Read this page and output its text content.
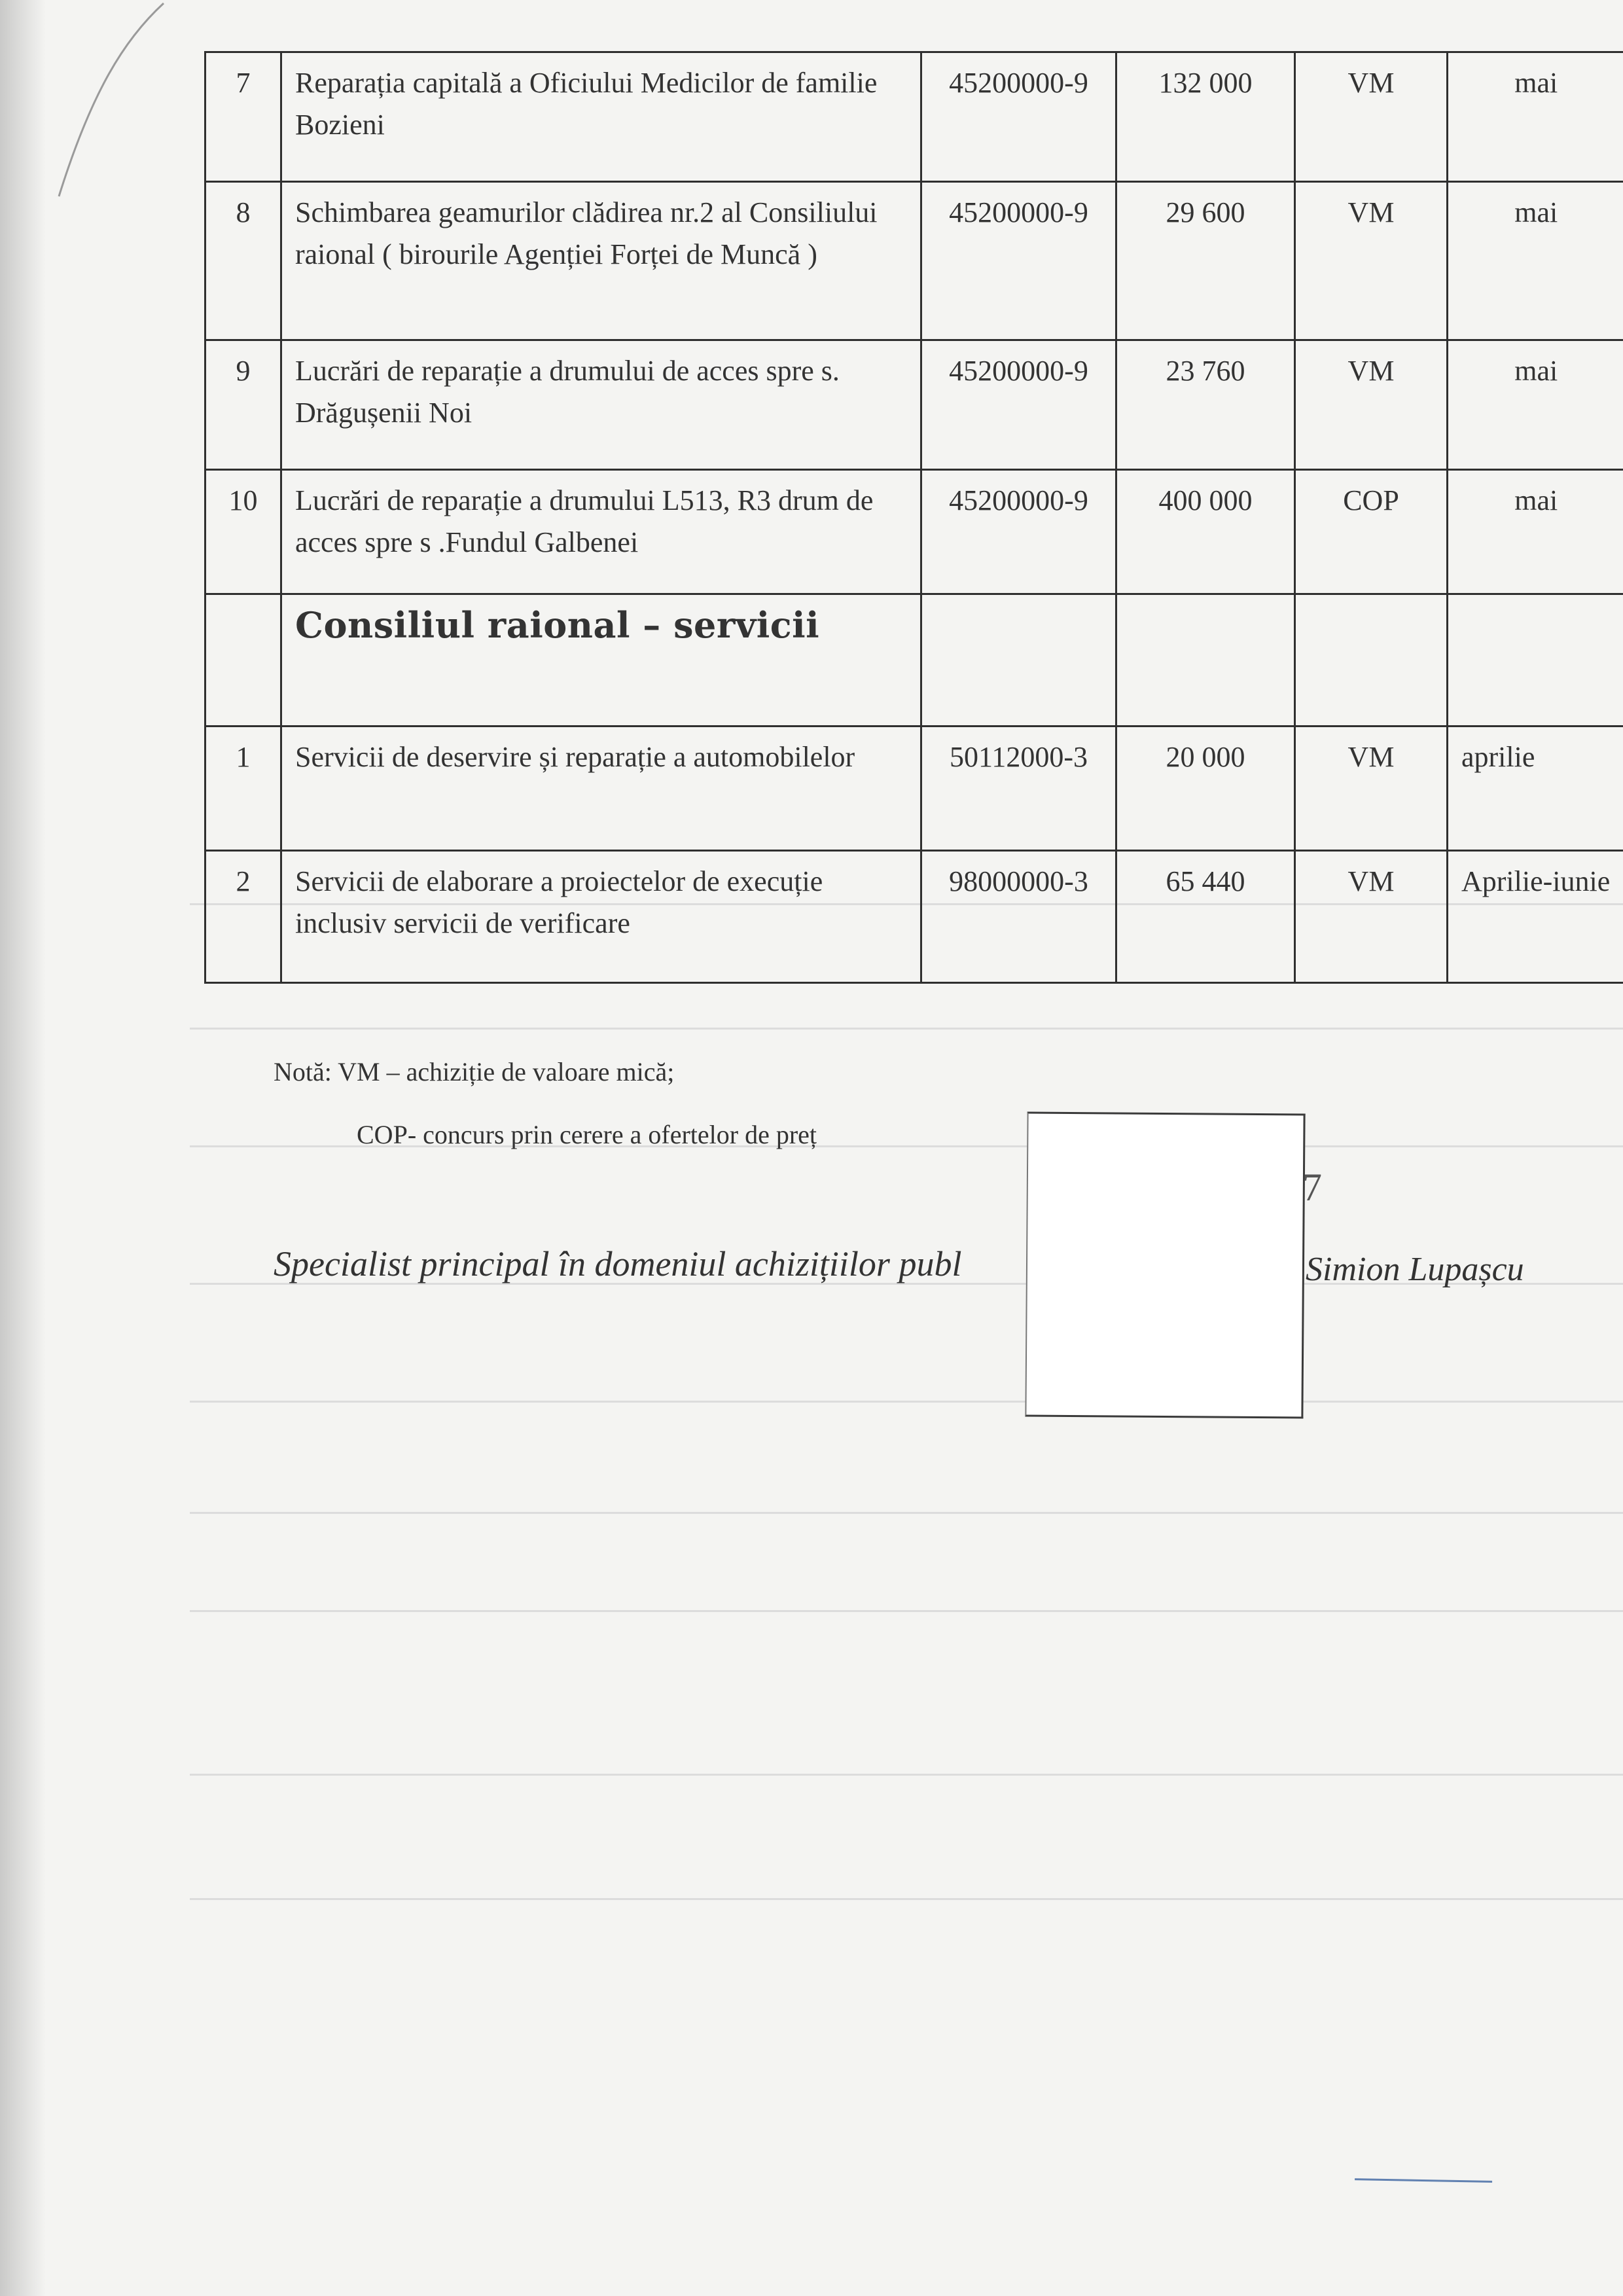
7	Reparația capitală a Oficiului Medicilor de familie Bozieni	45200000-9	132 000	VM	mai
8	Schimbarea geamurilor clădirea nr.2 al Consiliului raional ( birourile Agenției Forței de Muncă )	45200000-9	29 600	VM	mai
9	Lucrări de reparație a drumului de acces spre s. Drăgușenii Noi	45200000-9	23 760	VM	mai
10	Lucrări de reparație a drumului L513, R3 drum de acces spre s .Fundul Galbenei	45200000-9	400 000	COP	mai
	Consiliul raional – servicii				
1	Servicii de deservire și reparație a automobilelor	50112000-3	20 000	VM	aprilie
2	Servicii de elaborare a proiectelor de execuție inclusiv servicii de verificare	98000000-3	65 440	VM	Aprilie-iunie
Notă: VM – achiziție de valoare mică;
COP- concurs prin cerere a ofertelor de preț
Specialist principal în domeniul achizițiilor publ
7
Simion Lupașcu
